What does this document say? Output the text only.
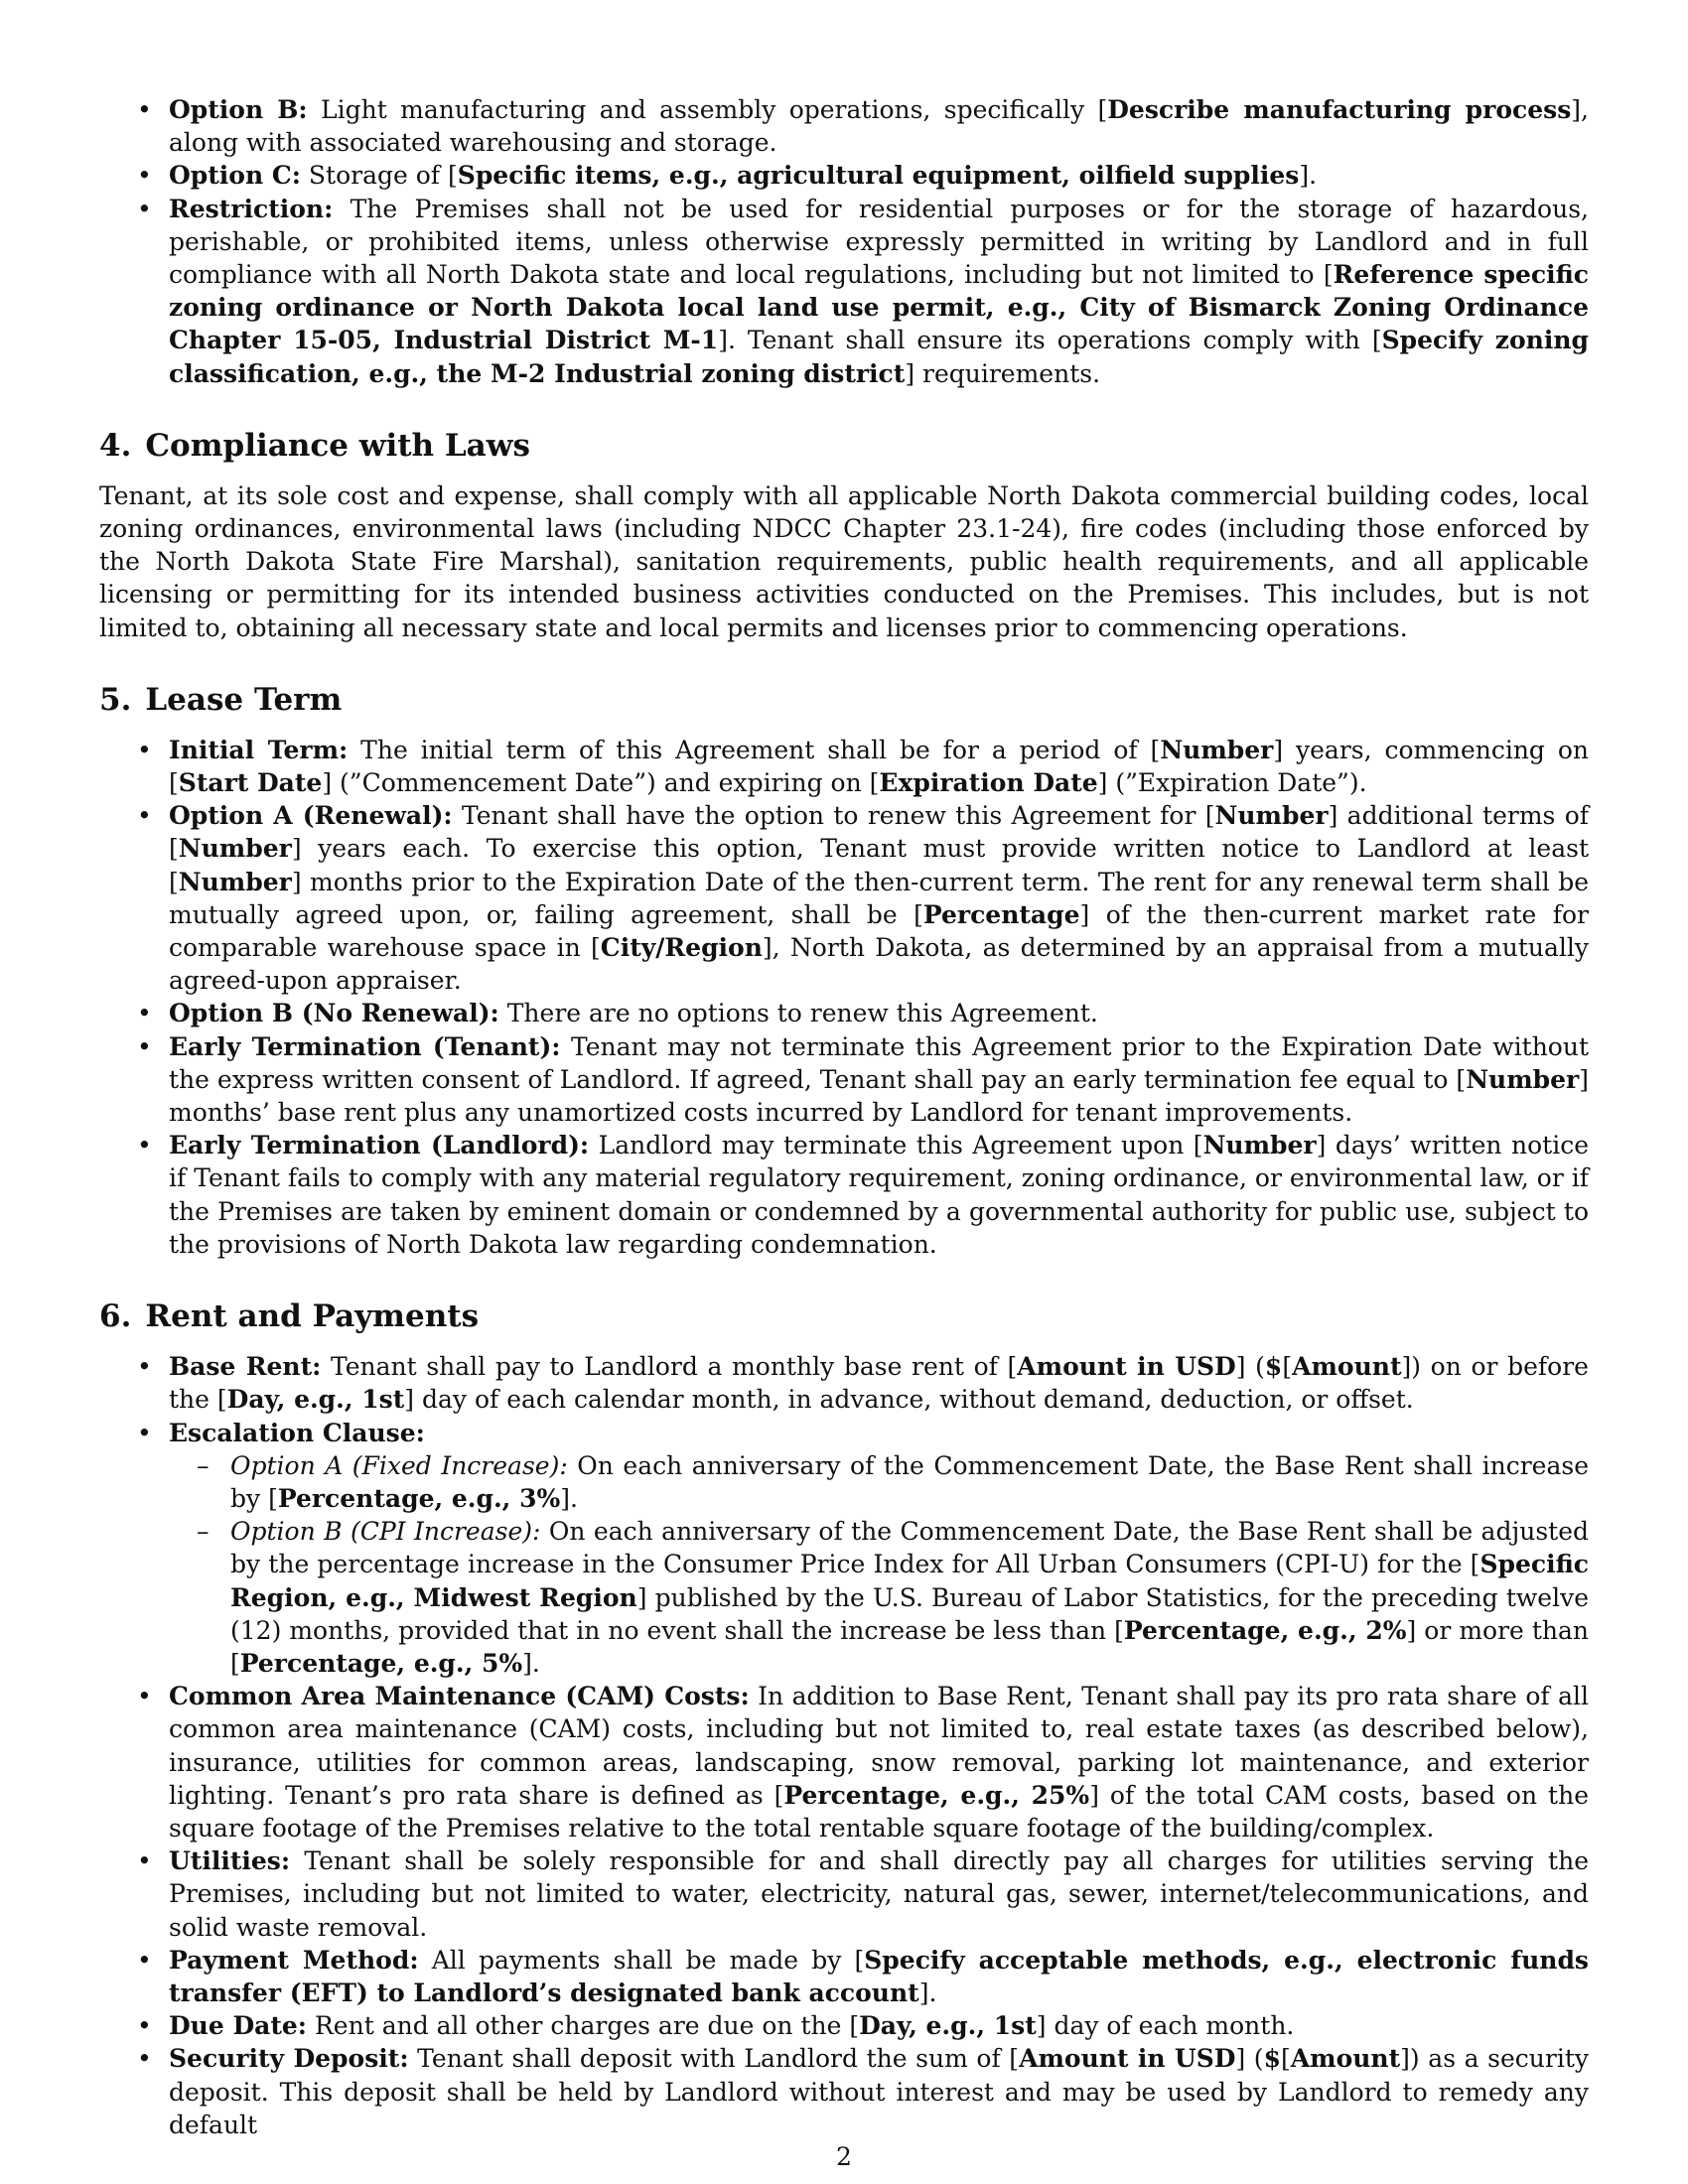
• Option B: Light manufacturing and assembly operations, specifically [Describe manufacturing process], along with associated warehousing and storage.
• Option C: Storage of [Specific items, e.g., agricultural equipment, oilfield supplies].
• Restriction: The Premises shall not be used for residential purposes or for the storage of hazardous, perishable, or prohibited items, unless otherwise expressly permitted in writing by Landlord and in full compliance with all North Dakota state and local regulations, including but not limited to [Reference specific zoning ordinance or North Dakota local land use permit, e.g., City of Bismarck Zoning Ordinance Chapter 15-05, Industrial District M-1]. Tenant shall ensure its operations comply with [Specify zoning classification, e.g., the M-2 Industrial zoning district] requirements.
4. Compliance with Laws

Tenant, at its sole cost and expense, shall comply with all applicable North Dakota commercial building codes, local zoning ordinances, environmental laws (including NDCC Chapter 23.1-24), fire codes (including those enforced by the North Dakota State Fire Marshal), sanitation requirements, public health requirements, and all applicable licensing or permitting for its intended business activities conducted on the Premises. This includes, but is not limited to, obtaining all necessary state and local permits and licenses prior to commencing operations.

5. Lease Term
• Initial Term: The initial term of this Agreement shall be for a period of [Number] years, commencing on [Start Date] (”Commencement Date”) and expiring on [Expiration Date] (”Expiration Date”).
• Option A (Renewal): Tenant shall have the option to renew this Agreement for [Number] additional terms of [Number] years each. To exercise this option, Tenant must provide written notice to Landlord at least [Number] months prior to the Expiration Date of the then-current term. The rent for any renewal term shall be mutually agreed upon, or, failing agreement, shall be [Percentage] of the then-current market rate for comparable warehouse space in [City/Region], North Dakota, as determined by an appraisal from a mutually agreed-upon appraiser.
• Option B (No Renewal): There are no options to renew this Agreement.
• Early Termination (Tenant): Tenant may not terminate this Agreement prior to the Expiration Date without the express written consent of Landlord. If agreed, Tenant shall pay an early termination fee equal to [Number] months’ base rent plus any unamortized costs incurred by Landlord for tenant improvements.
• Early Termination (Landlord): Landlord may terminate this Agreement upon [Number] days’ written notice if Tenant fails to comply with any material regulatory requirement, zoning ordinance, or environmental law, or if the Premises are taken by eminent domain or condemned by a governmental authority for public use, subject to the provisions of North Dakota law regarding condemnation.
6. Rent and Payments
• Base Rent: Tenant shall pay to Landlord a monthly base rent of [Amount in USD] ($[Amount]) on or before the [Day, e.g., 1st] day of each calendar month, in advance, without demand, deduction, or offset.
• Escalation Clause:
– Option A (Fixed Increase): On each anniversary of the Commencement Date, the Base Rent shall increase by [Percentage, e.g., 3%].
– Option B (CPI Increase): On each anniversary of the Commencement Date, the Base Rent shall be adjusted by the percentage increase in the Consumer Price Index for All Urban Consumers (CPI-U) for the [Specific Region, e.g., Midwest Region] published by the U.S. Bureau of Labor Statistics, for the preceding twelve (12) months, provided that in no event shall the increase be less than [Percentage, e.g., 2%] or more than [Percentage, e.g., 5%].
• Common Area Maintenance (CAM) Costs: In addition to Base Rent, Tenant shall pay its pro rata share of all common area maintenance (CAM) costs, including but not limited to, real estate taxes (as described below), insurance, utilities for common areas, landscaping, snow removal, parking lot maintenance, and exterior lighting. Tenant’s pro rata share is defined as [Percentage, e.g., 25%] of the total CAM costs, based on the square footage of the Premises relative to the total rentable square footage of the building/complex.
• Utilities: Tenant shall be solely responsible for and shall directly pay all charges for utilities serving the Premises, including but not limited to water, electricity, natural gas, sewer, internet/telecommunications, and solid waste removal.
• Payment Method: All payments shall be made by [Specify acceptable methods, e.g., electronic funds transfer (EFT) to Landlord’s designated bank account].
• Due Date: Rent and all other charges are due on the [Day, e.g., 1st] day of each month.
• Security Deposit: Tenant shall deposit with Landlord the sum of [Amount in USD] ($[Amount]) as a security deposit. This deposit shall be held by Landlord without interest and may be used by Landlord to remedy any default
2
